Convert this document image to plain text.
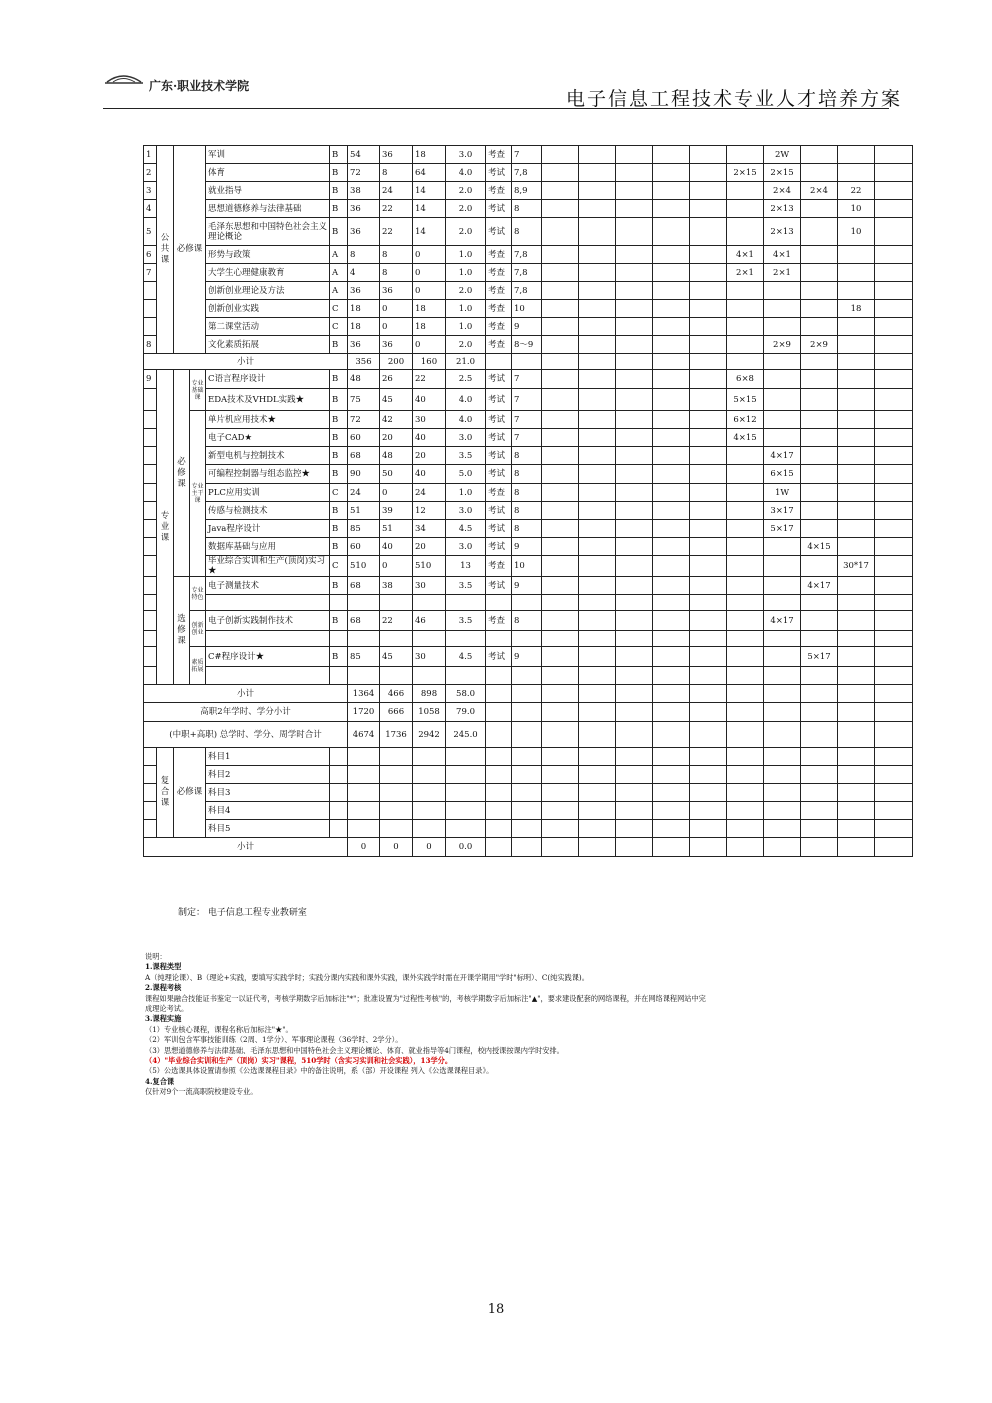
广东·职业技术学院
电子信息工程技术专业人才培养方案
1	公共课	必修课		军训	B	54	36	18	3.0	考查	7							2W			
2				体育	B	72	8	64	4.0	考试	7,8						2×15	2×15			
3				就业指导	B	38	24	14	2.0	考查	8,9							2×4	2×4	22	
4				思想道德修养与法律基础	B	36	22	14	2.0	考试	8							2×13		10	
5				毛泽东思想和中国特色社会主义理论概论	B	36	22	14	2.0	考试	8							2×13		10	
6				形势与政策	A	8	8	0	1.0	考查	7,8						4×1	4×1			
7				大学生心理健康教育	A	4	8	0	1.0	考查	7,8						2×1	2×1			
				创新创业理论及方法	A	36	36	0	2.0	考查	7,8										
				创新创业实践	C	18	0	18	1.0	考查	10									18	
				第二课堂活动	C	18	0	18	1.0	考查	9										
8				文化素质拓展	B	36	36	0	2.0	考查	8～9							2×9	2×9		
小计						356	200	160	21.0												
9	专业课	必修课	专业基础课	C语言程序设计	B	48	26	22	2.5	考试	7						6×8				
				EDA技术及VHDL实践★	B	75	45	40	4.0	考试	7						5×15				
			专业主干课	单片机应用技术★	B	72	42	30	4.0	考试	7						6×12				
				电子CAD★	B	60	20	40	3.0	考试	7						4×15				
				新型电机与控制技术	B	68	48	20	3.5	考试	8							4×17			
				可编程控制器与组态监控★	B	90	50	40	5.0	考试	8							6×15			
				PLC应用实训	C	24	0	24	1.0	考查	8							1W			
				传感与检测技术	B	51	39	12	3.0	考试	8							3×17			
				Java程序设计	B	85	51	34	4.5	考试	8							5×17			
				数据库基础与应用	B	60	40	20	3.0	考试	9								4×15		
				毕业综合实训和生产(顶岗)实习★	C	510	0	510	13	考查	10									30*17	
		选修课	专业特色	电子测量技术	B	68	38	30	3.5	考试	9								4×17		

			创新创业	电子创新实践制作技术	B	68	22	46	3.5	考查	8							4×17			

			素质拓展	C#程序设计★	B	85	45	30	4.5	考试	9								5×17		

小计						1364	466	898	58.0												
高职2年学时、学分小计						1720	666	1058	79.0												
(中职+高职) 总学时、学分、周学时合计						4674	1736	2942	245.0												
	复合课	必修课		科目1																	
				科目2																	
				科目3																	
				科目4																	
				科目5																	
小计						0	0	0	0.0												
制定： 电子信息工程专业教研室
说明：
1.课程类型
A（纯理论课）、B（理论+实践，要填写实践学时；实践分课内实践和课外实践，课外实践学时需在开课学期用"学时"标明）、C(纯实践课)。
2.课程考核
课程如果融合技能证书鉴定一以证代考，考核学期数字后加标注"*"；批准设置为"过程性考核"的，考核学期数字后加标注"▲"，要求建设配套的网络课程，并在网络课程网站中完
成理论考试。
3.课程实施
（1）专业核心课程，课程名称后加标注"★"。
（2）军训包含军事技能训练（2周、1学分）、军事理论课程（36学时、2学分）。
（3）思想道德修养与法律基础、毛泽东思想和中国特色社会主义理论概论、体育、就业指导等4门课程，校内授课按课内学时安排。
（4）"毕业综合实训和生产（顶岗）实习"课程，510学时（含实习实训和社会实践），13学分。
（5）公选课具体设置请参照《公选课课程目录》中的备注说明，系（部）开设课程 列入《公选课课程目录》。
4.复合课
仅针对9个一流高职院校建设专业。
18
